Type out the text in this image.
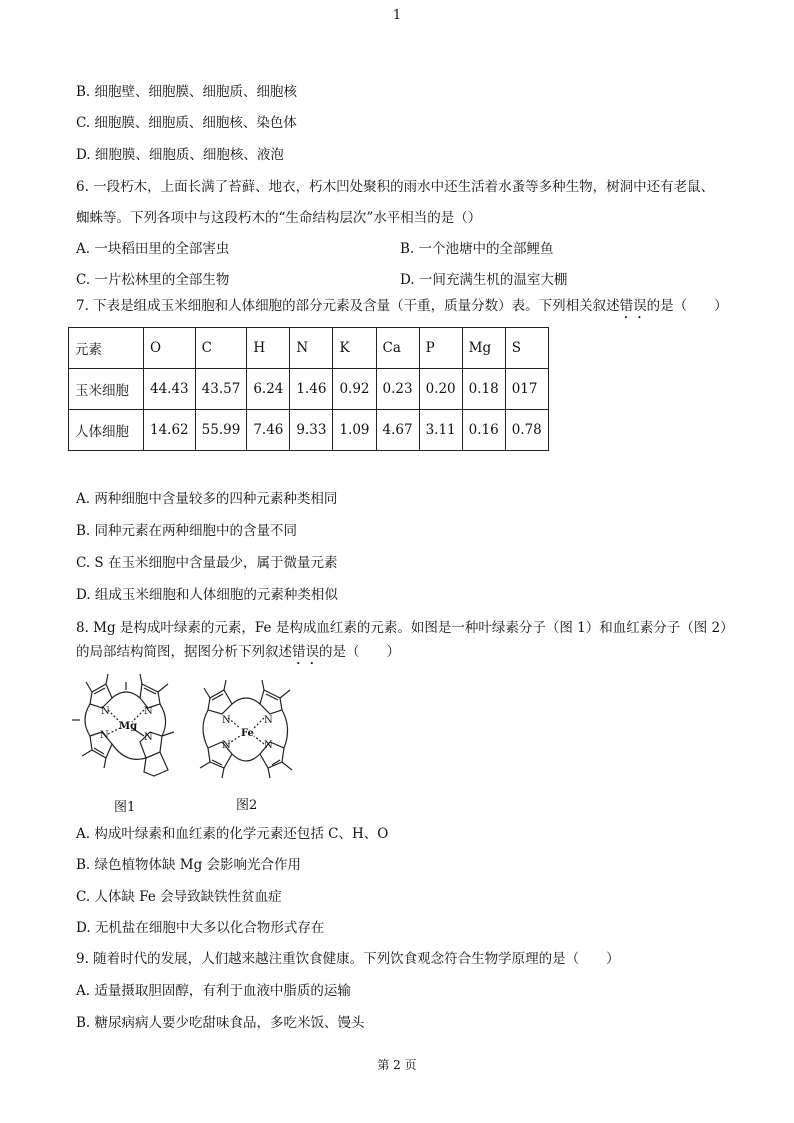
1
B. 细胞壁、细胞膜、细胞质、细胞核
C. 细胞膜、细胞质、细胞核、染色体
D. 细胞膜、细胞质、细胞核、液泡
6. 一段朽木，上面长满了苔藓、地衣，朽木凹处聚积的雨水中还生活着水蚤等多种生物，树洞中还有老鼠、
蜘蛛等。下列各项中与这段朽木的“生命结构层次”水平相当的是（）
A. 一块稻田里的全部害虫	B. 一个池塘中的全部鲤鱼
C. 一片松林里的全部生物	D. 一间充满生机的温室大棚
7. 下表是组成玉米细胞和人体细胞的部分元素及含量（干重，质量分数）表。下列相关叙述错误的是（　　）
元素	O	C	H	N	K	Ca	P	Mg	S
玉米细胞	44.43	43.57	6.24	1.46	0.92	0.23	0.20	0.18	017
人体细胞	14.62	55.99	7.46	9.33	1.09	4.67	3.11	0.16	0.78
A. 两种细胞中含量较多的四种元素种类相同
B. 同种元素在两种细胞中的含量不同
C. S 在玉米细胞中含量最少，属于微量元素
D. 组成玉米细胞和人体细胞的元素种类相似
8. Mg 是构成叶绿素的元素，Fe 是构成血红素的元素。如图是一种叶绿素分子（图 1）和血红素分子（图 2）
的局部结构简图，据图分析下列叙述错误的是（　　）
N	N
N	N
Mg
图1
N	N
N	N
Fe
图2
A. 构成叶绿素和血红素的化学元素还包括 C、H、O
B. 绿色植物体缺 Mg 会影响光合作用
C. 人体缺 Fe 会导致缺铁性贫血症
D. 无机盐在细胞中大多以化合物形式存在
9. 随着时代的发展，人们越来越注重饮食健康。下列饮食观念符合生物学原理的是（　　）
A. 适量摄取胆固醇，有利于血液中脂质的运输
B. 糖尿病病人要少吃甜味食品，多吃米饭、馒头
第 2 页
